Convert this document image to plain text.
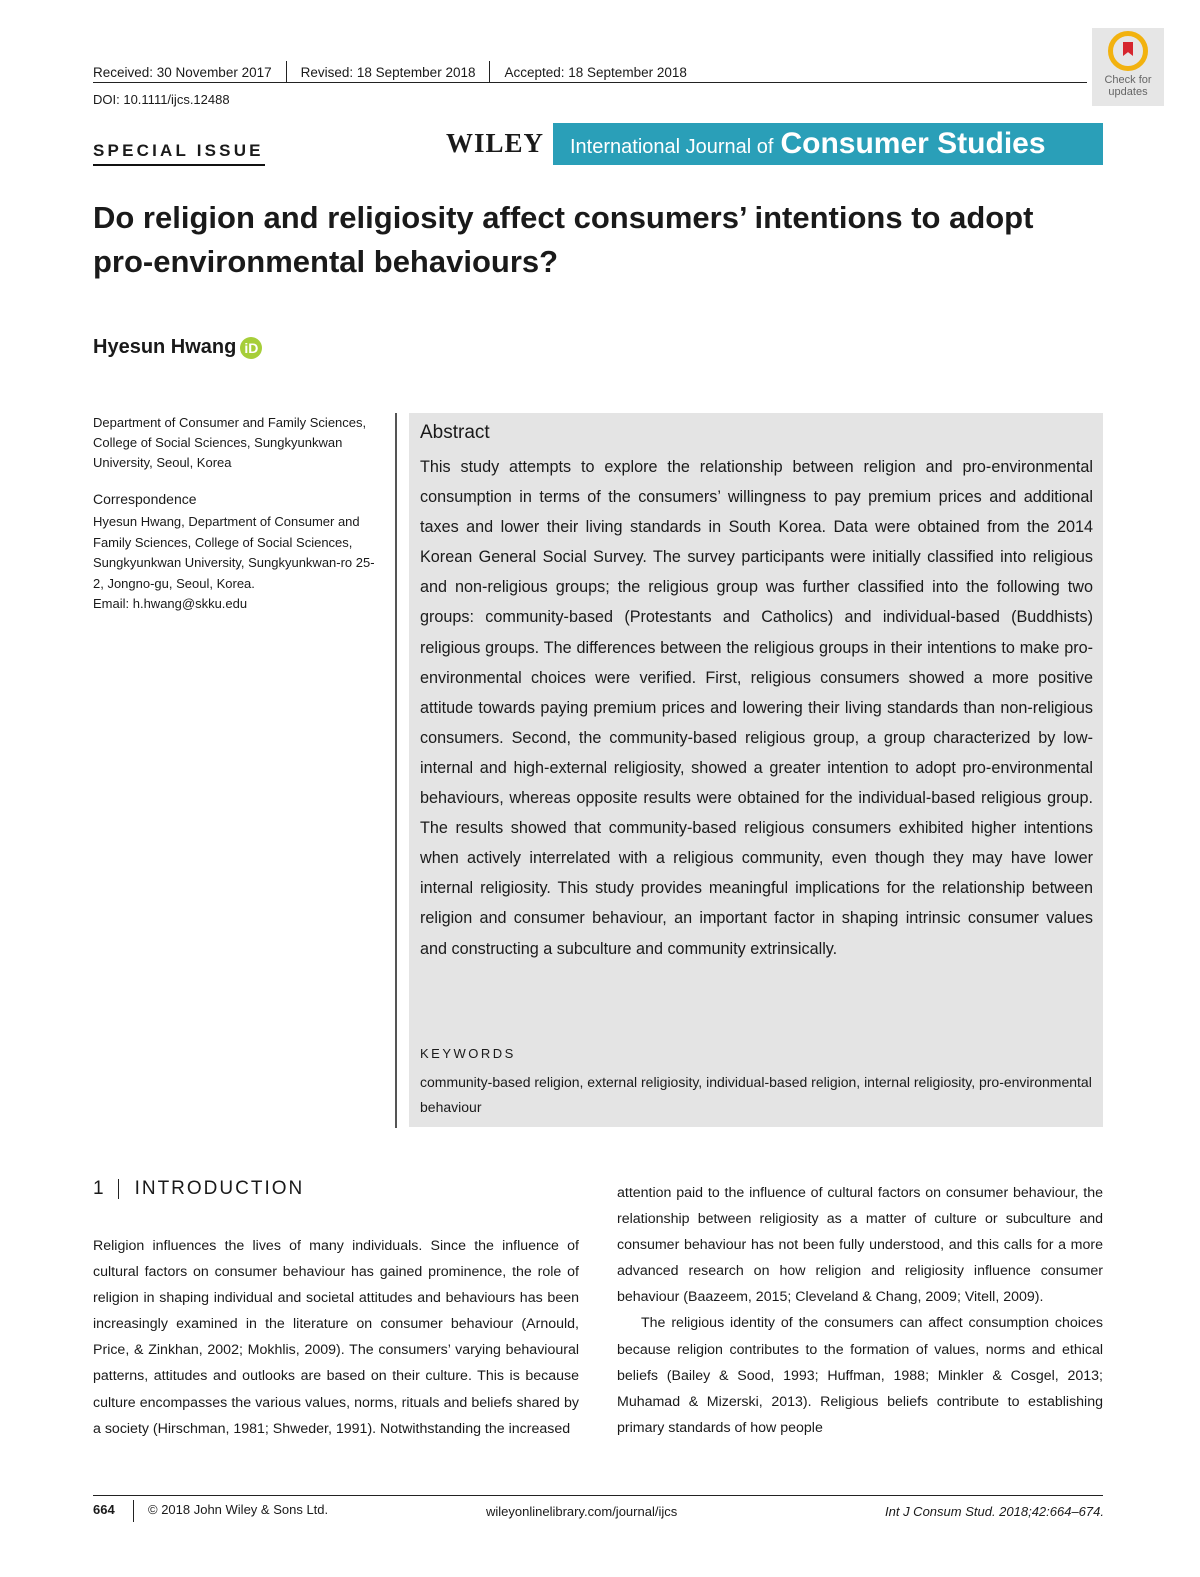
Received: 30 November 2017 Revised: 18 September 2018 Accepted: 18 September 2018
DOI: 10.1111/ijcs.12488
Check for updates
SPECIAL ISSUE	WILEY International Journal of Consumer Studies
Do religion and religiosity affect consumers’ intentions to adopt pro-environmental behaviours?
Hyesun Hwang iD
Department of Consumer and Family Sciences, College of Social Sciences, Sungkyunkwan University, Seoul, Korea
Correspondence
Hyesun Hwang, Department of Consumer and Family Sciences, College of Social Sciences, Sungkyunkwan University, Sungkyunkwan-ro 25-2, Jongno-gu, Seoul, Korea.
Email: h.hwang@skku.edu
Abstract
This study attempts to explore the relationship between religion and pro-environmental consumption in terms of the consumers’ willingness to pay premium prices and additional taxes and lower their living standards in South Korea. Data were obtained from the 2014 Korean General Social Survey. The survey participants were initially classified into religious and non-religious groups; the religious group was further classified into the following two groups: community-based (Protestants and Catholics) and individual-based (Buddhists) religious groups. The differences between the religious groups in their intentions to make pro-environmental choices were verified. First, religious consumers showed a more positive attitude towards paying premium prices and lowering their living standards than non-religious consumers. Second, the community-based religious group, a group characterized by low-internal and high-external religiosity, showed a greater intention to adopt pro-environmental behaviours, whereas opposite results were obtained for the individual-based religious group. The results showed that community-based religious consumers exhibited higher intentions when actively interrelated with a religious community, even though they may have lower internal religiosity. This study provides meaningful implications for the relationship between religion and consumer behaviour, an important factor in shaping intrinsic consumer values and constructing a subculture and community extrinsically.
KEYWORDS
community-based religion, external religiosity, individual-based religion, internal religiosity, pro-environmental behaviour
1 INTRODUCTION
Religion influences the lives of many individuals. Since the influence of cultural factors on consumer behaviour has gained prominence, the role of religion in shaping individual and societal attitudes and behaviours has been increasingly examined in the literature on consumer behaviour (Arnould, Price, & Zinkhan, 2002; Mokhlis, 2009). The consumers’ varying behavioural patterns, attitudes and outlooks are based on their culture. This is because culture encompasses the various values, norms, rituals and beliefs shared by a society (Hirschman, 1981; Shweder, 1991). Notwithstanding the increased

attention paid to the influence of cultural factors on consumer behaviour, the relationship between religiosity as a matter of culture or subculture and consumer behaviour has not been fully understood, and this calls for a more advanced research on how religion and religiosity influence consumer behaviour (Baazeem, 2015; Cleveland & Chang, 2009; Vitell, 2009).

The religious identity of the consumers can affect consumption choices because religion contributes to the formation of values, norms and ethical beliefs (Bailey & Sood, 1993; Huffman, 1988; Minkler & Cosgel, 2013; Muhamad & Mizerski, 2013). Religious beliefs contribute to establishing primary standards of how people

664	© 2018 John Wiley & Sons Ltd.	wileyonlinelibrary.com/journal/ijcs	Int J Consum Stud. 2018;42:664–674.
